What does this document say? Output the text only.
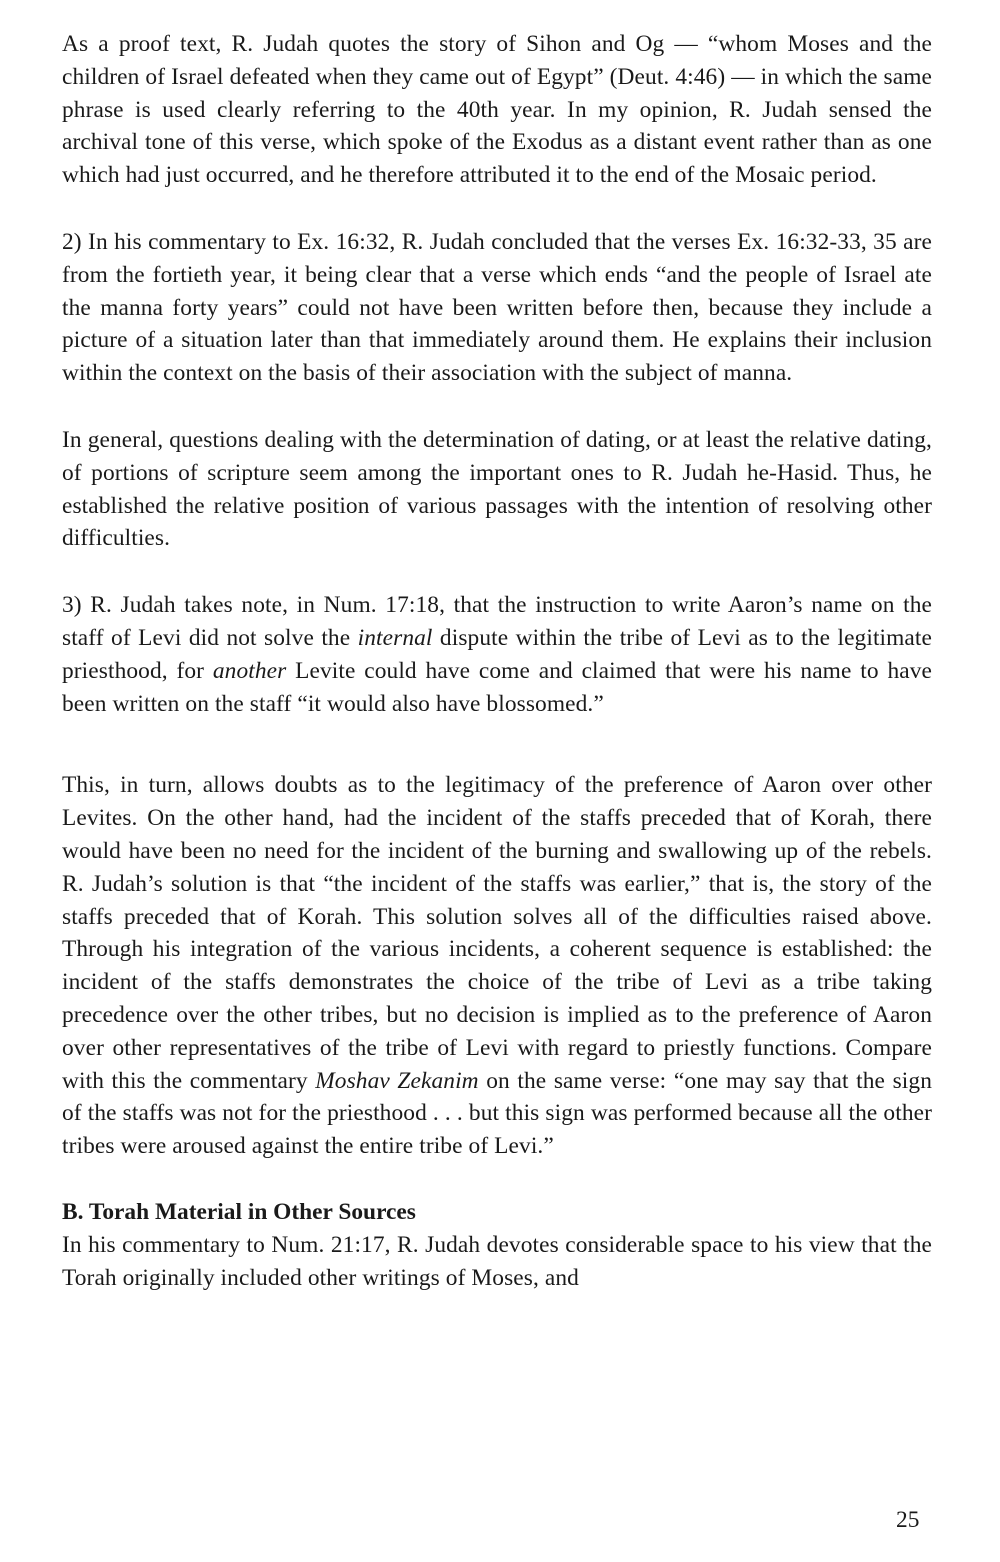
As a proof text, R. Judah quotes the story of Sihon and Og — “whom Moses and the children of Israel defeated when they came out of Egypt” (Deut. 4:46) — in which the same phrase is used clearly referring to the 40th year. In my opinion, R. Judah sensed the archival tone of this verse, which spoke of the Exodus as a distant event rather than as one which had just occurred, and he therefore attributed it to the end of the Mosaic period.

2) In his commentary to Ex. 16:32, R. Judah concluded that the verses Ex. 16:32-33, 35 are from the fortieth year, it being clear that a verse which ends “and the people of Israel ate the manna forty years” could not have been written before then, because they include a picture of a situation later than that immediately around them. He explains their inclusion within the context on the basis of their association with the subject of manna.

In general, questions dealing with the determination of dating, or at least the relative dating, of portions of scripture seem among the important ones to R. Judah he-Hasid. Thus, he established the relative position of various passages with the intention of resolving other difficulties.

3) R. Judah takes note, in Num. 17:18, that the instruction to write Aaron’s name on the staff of Levi did not solve the internal dispute within the tribe of Levi as to the legitimate priesthood, for another Levite could have come and claimed that were his name to have been written on the staff “it would also have blossomed.”

This, in turn, allows doubts as to the legitimacy of the preference of Aaron over other Levites. On the other hand, had the incident of the staffs preceded that of Korah, there would have been no need for the incident of the burning and swallowing up of the rebels. R. Judah’s solution is that “the incident of the staffs was earlier,” that is, the story of the staffs preceded that of Korah. This solution solves all of the difficulties raised above. Through his integration of the various incidents, a coherent sequence is established: the incident of the staffs demonstrates the choice of the tribe of Levi as a tribe taking precedence over the other tribes, but no decision is implied as to the preference of Aaron over other representatives of the tribe of Levi with regard to priestly functions. Compare with this the commentary Moshav Zekanim on the same verse: “one may say that the sign of the staffs was not for the priesthood . . . but this sign was performed because all the other tribes were aroused against the entire tribe of Levi.”

B. Torah Material in Other Sources

In his commentary to Num. 21:17, R. Judah devotes considerable space to his view that the Torah originally included other writings of Moses, and

25
